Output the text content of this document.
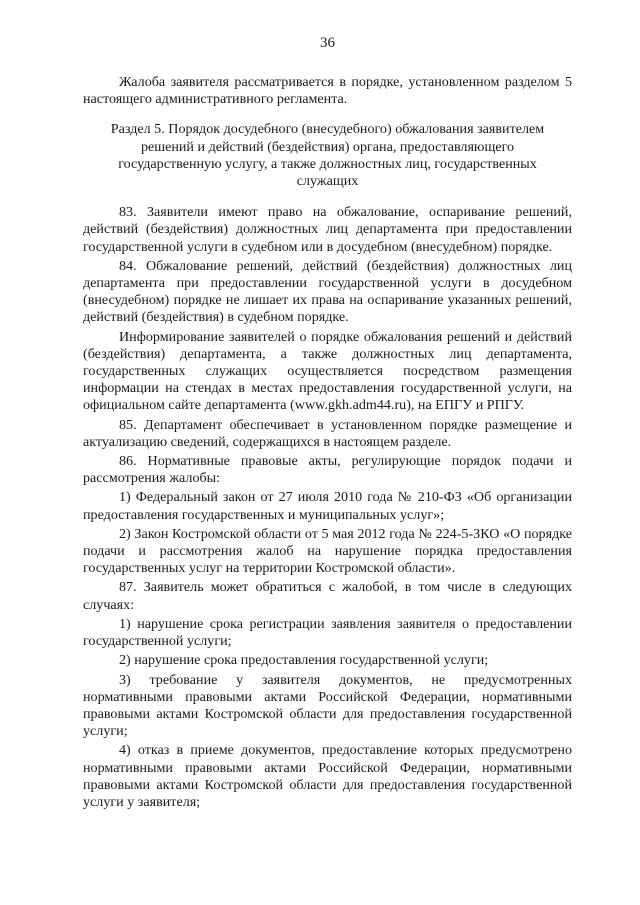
36

Жалоба заявителя рассматривается в порядке, установленном разделом 5 настоящего административного регламента.

Раздел 5. Порядок досудебного (внесудебного) обжалования заявителем решений и действий (бездействия) органа, предоставляющего государственную услугу, а также должностных лиц, государственных служащих

83. Заявители имеют право на обжалование, оспаривание решений, действий (бездействия) должностных лиц департамента при предоставлении государственной услуги в судебном или в досудебном (внесудебном) порядке.

84. Обжалование решений, действий (бездействия) должностных лиц департамента при предоставлении государственной услуги в досудебном (внесудебном) порядке не лишает их права на оспаривание указанных решений, действий (бездействия) в судебном порядке.

Информирование заявителей о порядке обжалования решений и действий (бездействия) департамента, а также должностных лиц департамента, государственных служащих осуществляется посредством размещения информации на стендах в местах предоставления государственной услуги, на официальном сайте департамента (www.gkh.adm44.ru), на ЕПГУ и РПГУ.

85. Департамент обеспечивает в установленном порядке размещение и актуализацию сведений, содержащихся в настоящем разделе.

86. Нормативные правовые акты, регулирующие порядок подачи и рассмотрения жалобы:

1) Федеральный закон от 27 июля 2010 года № 210-ФЗ «Об организации предоставления государственных и муниципальных услуг»;

2) Закон Костромской области от 5 мая 2012 года № 224-5-ЗКО «О порядке подачи и рассмотрения жалоб на нарушение порядка предоставления государственных услуг на территории Костромской области».

87. Заявитель может обратиться с жалобой, в том числе в следующих случаях:

1) нарушение срока регистрации заявления заявителя о предоставлении государственной услуги;

2) нарушение срока предоставления государственной услуги;

3) требование у заявителя документов, не предусмотренных нормативными правовыми актами Российской Федерации, нормативными правовыми актами Костромской области для предоставления государственной услуги;

4) отказ в приеме документов, предоставление которых предусмотрено нормативными правовыми актами Российской Федерации, нормативными правовыми актами Костромской области для предоставления государственной услуги у заявителя;
